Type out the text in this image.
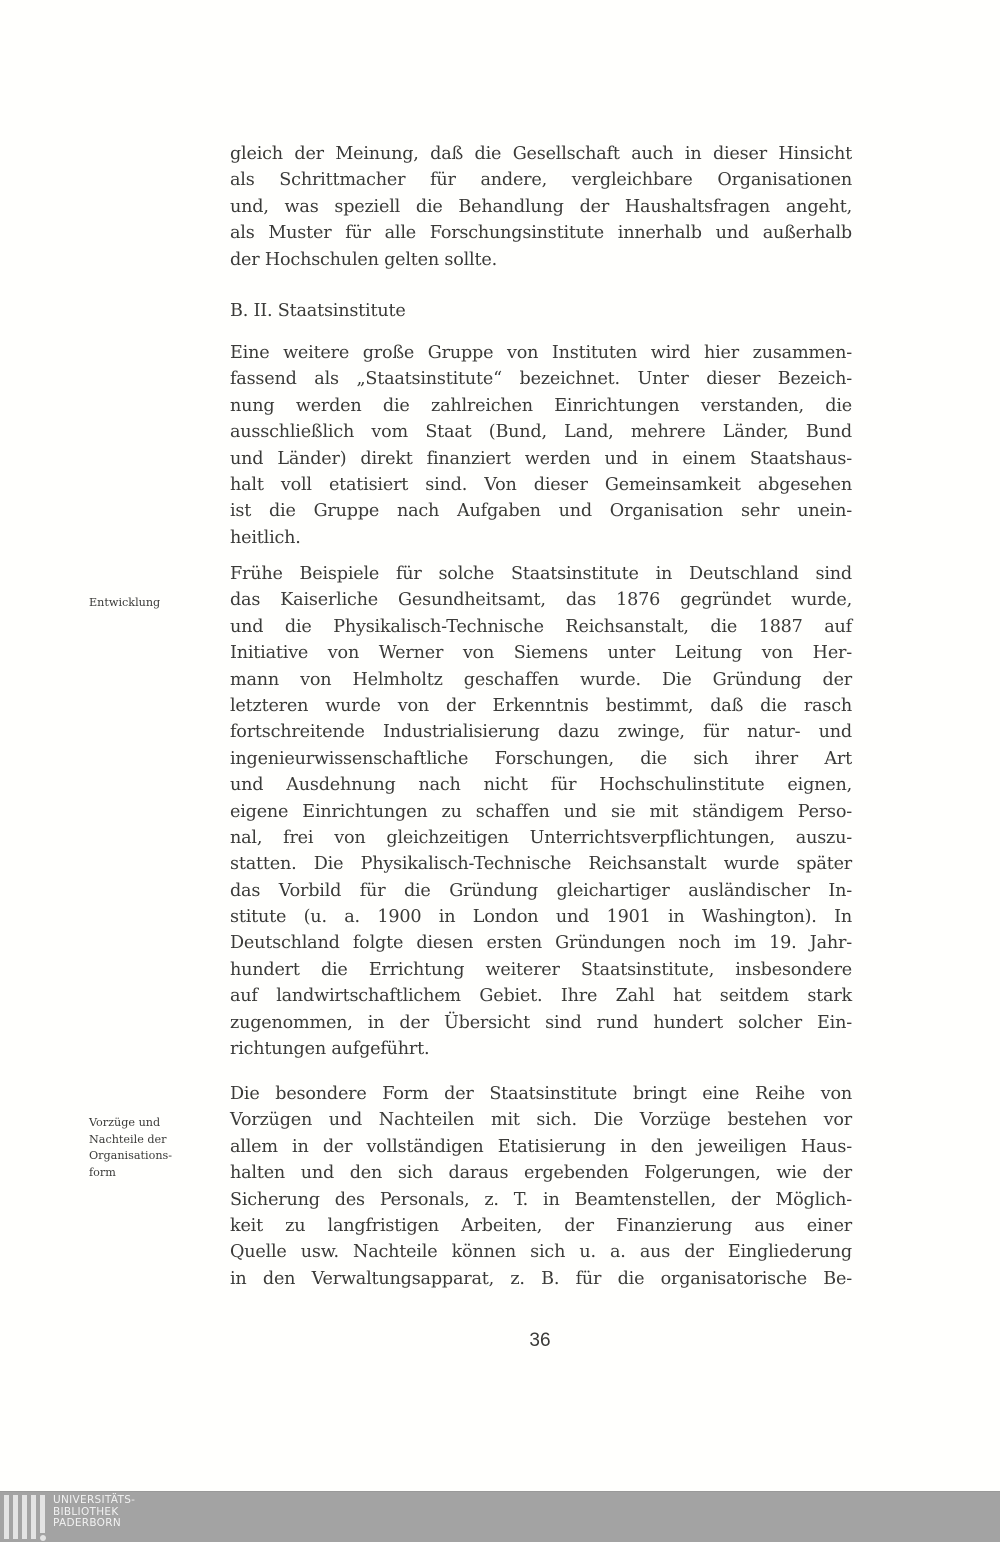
gleich der Meinung, daß die Gesellschaft auch in dieser Hinsicht
als Schrittmacher für andere, vergleichbare Organisationen
und, was speziell die Behandlung der Haushaltsfragen angeht,
als Muster für alle Forschungsinstitute innerhalb und außerhalb
der Hochschulen gelten sollte.
B. II. Staatsinstitute
Eine weitere große Gruppe von Instituten wird hier zusammen-
fassend als „Staatsinstitute“ bezeichnet. Unter dieser Bezeich-
nung werden die zahlreichen Einrichtungen verstanden, die
ausschließlich vom Staat (Bund, Land, mehrere Länder, Bund
und Länder) direkt finanziert werden und in einem Staatshaus-
halt voll etatisiert sind. Von dieser Gemeinsamkeit abgesehen
ist die Gruppe nach Aufgaben und Organisation sehr unein-
heitlich.
Frühe Beispiele für solche Staatsinstitute in Deutschland sind
das Kaiserliche Gesundheitsamt, das 1876 gegründet wurde,
und die Physikalisch-Technische Reichsanstalt, die 1887 auf
Initiative von Werner von Siemens unter Leitung von Her-
mann von Helmholtz geschaffen wurde. Die Gründung der
letzteren wurde von der Erkenntnis bestimmt, daß die rasch
fortschreitende Industrialisierung dazu zwinge, für natur- und
ingenieurwissenschaftliche Forschungen, die sich ihrer Art
und Ausdehnung nach nicht für Hochschulinstitute eignen,
eigene Einrichtungen zu schaffen und sie mit ständigem Perso-
nal, frei von gleichzeitigen Unterrichtsverpflichtungen, auszu-
statten. Die Physikalisch-Technische Reichsanstalt wurde später
das Vorbild für die Gründung gleichartiger ausländischer In-
stitute (u. a. 1900 in London und 1901 in Washington). In
Deutschland folgte diesen ersten Gründungen noch im 19. Jahr-
hundert die Errichtung weiterer Staatsinstitute, insbesondere
auf landwirtschaftlichem Gebiet. Ihre Zahl hat seitdem stark
zugenommen, in der Übersicht sind rund hundert solcher Ein-
richtungen aufgeführt.
Die besondere Form der Staatsinstitute bringt eine Reihe von
Vorzügen und Nachteilen mit sich. Die Vorzüge bestehen vor
allem in der vollständigen Etatisierung in den jeweiligen Haus-
halten und den sich daraus ergebenden Folgerungen, wie der
Sicherung des Personals, z. T. in Beamtenstellen, der Möglich-
keit zu langfristigen Arbeiten, der Finanzierung aus einer
Quelle usw. Nachteile können sich u. a. aus der Eingliederung
in den Verwaltungsapparat, z. B. für die organisatorische Be-
Entwicklung
Vorzüge und
Nachteile der
Organisations-
form
36
UNIVERSITÄTS-
BIBLIOTHEK
PADERBORN
